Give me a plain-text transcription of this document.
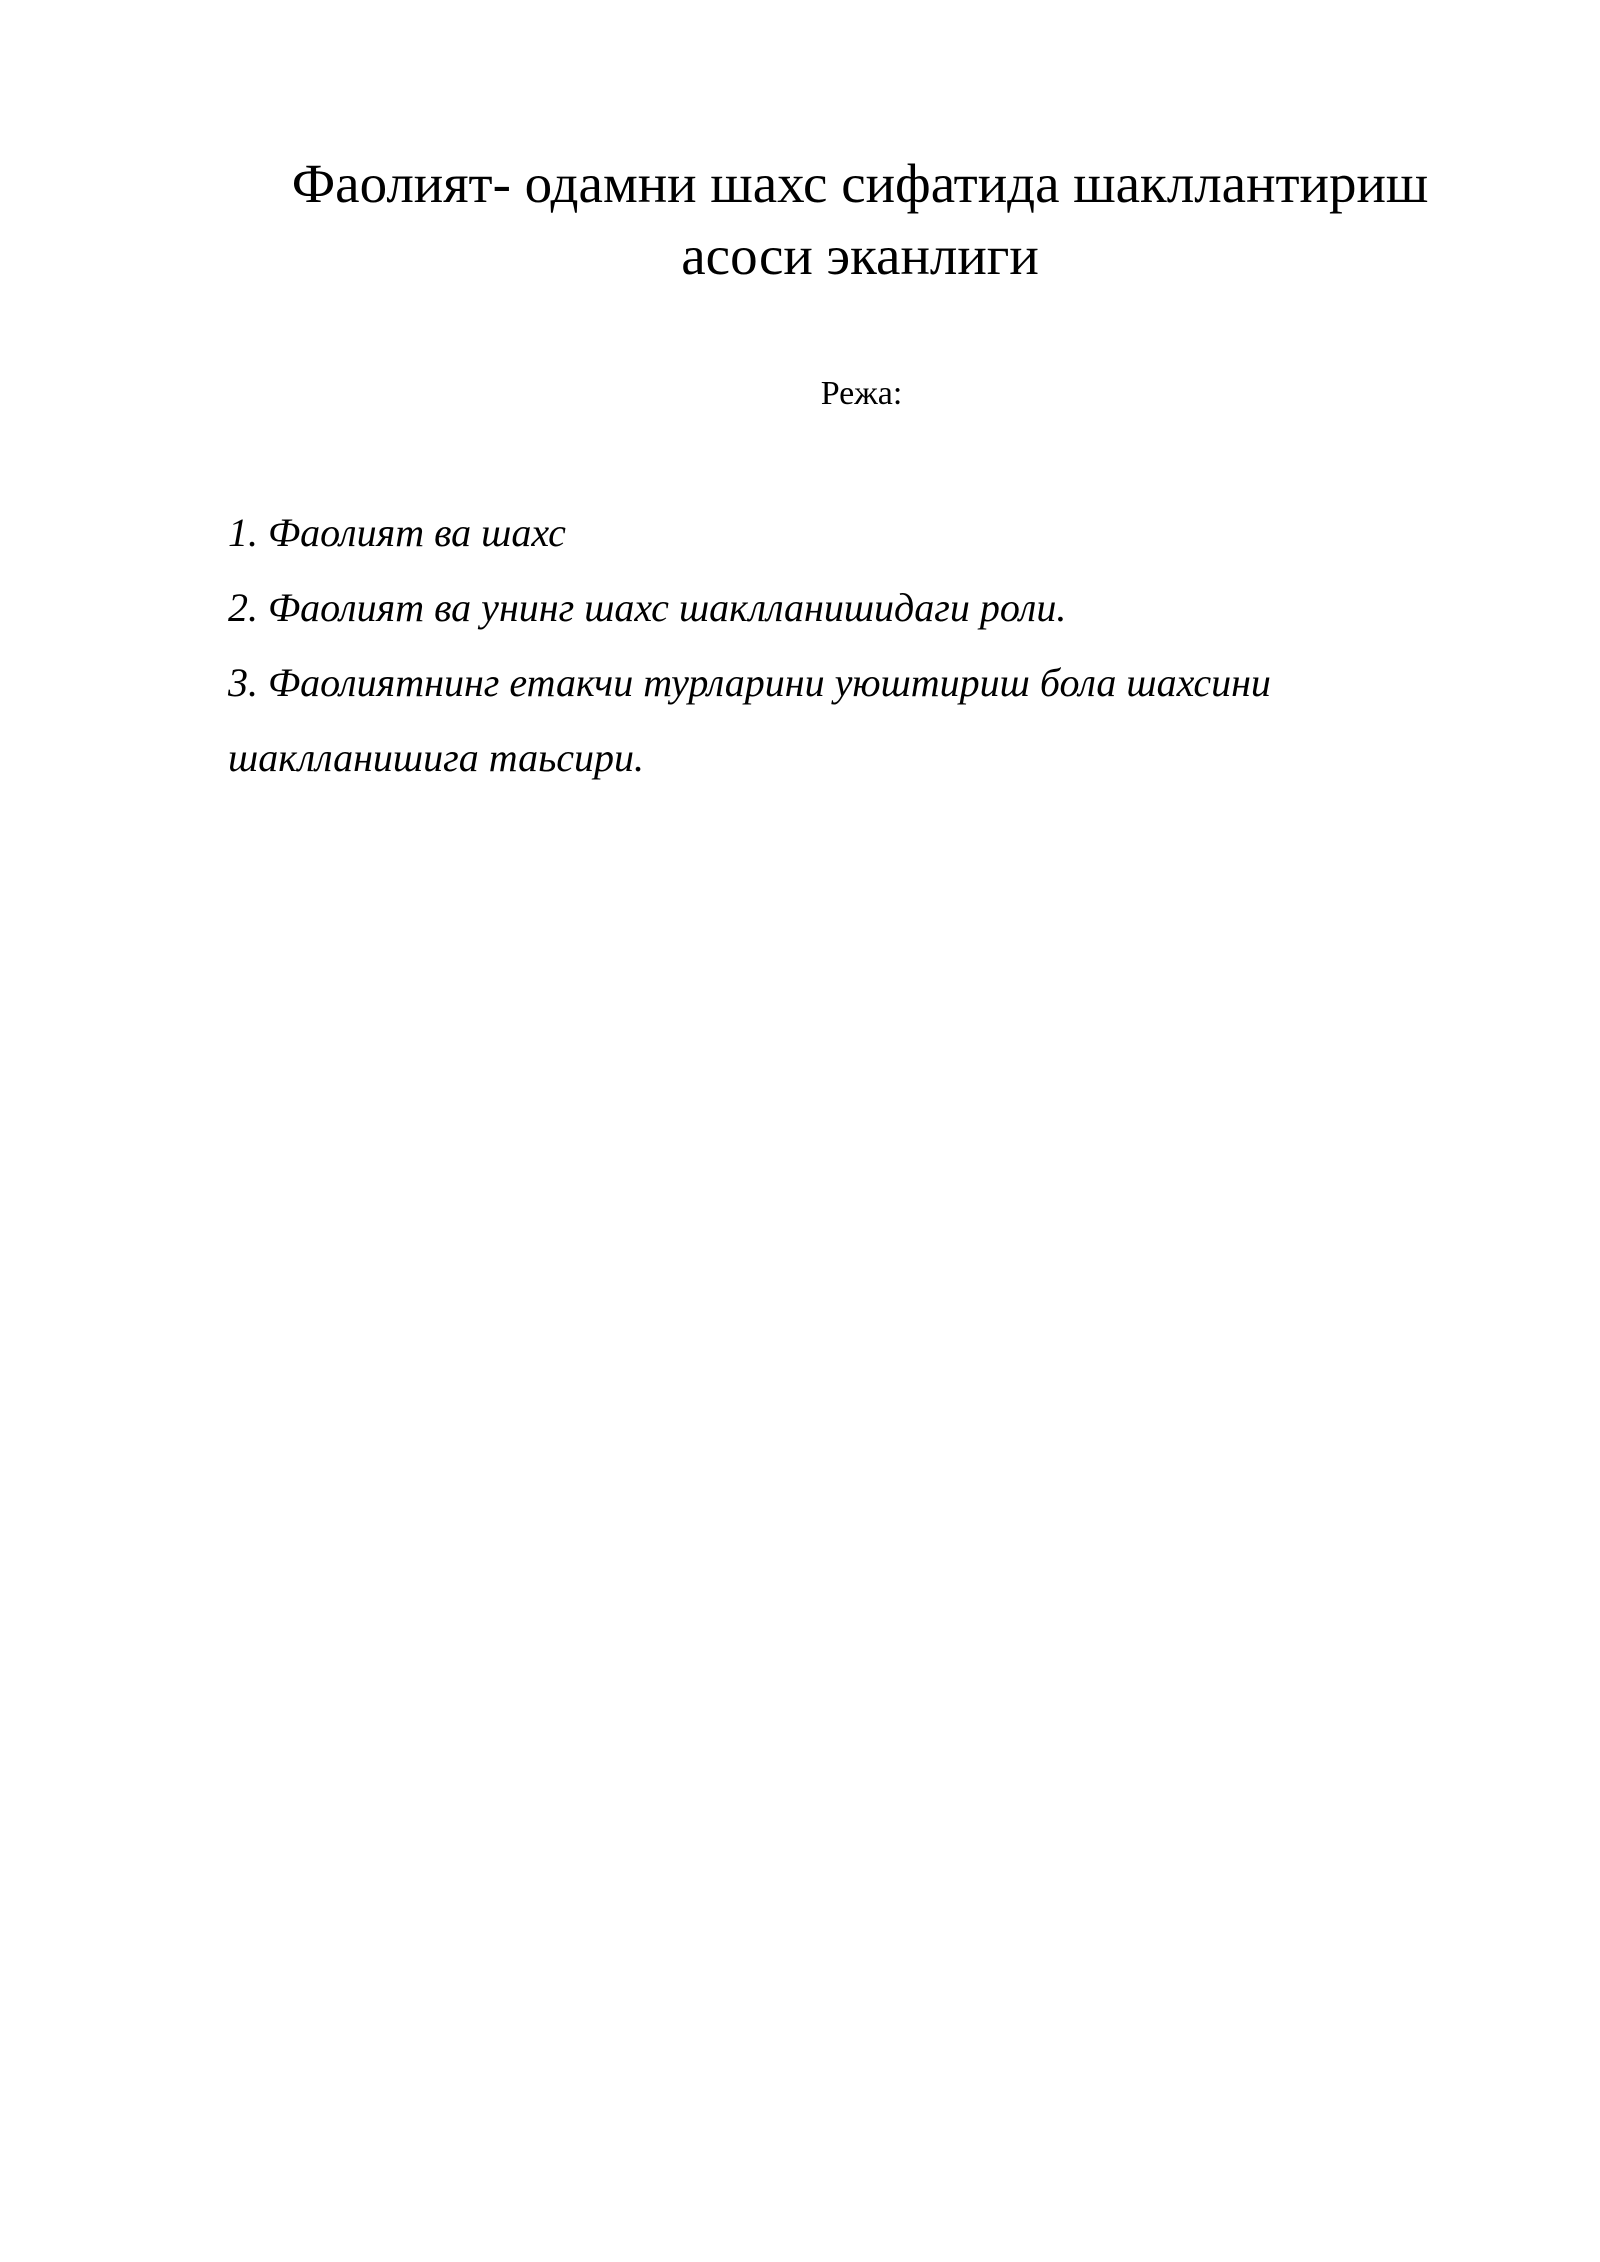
Фаолият- одамни шахс сифатида шакллантириш
асоси эканлиги

Режа:

1. Фаолият ва шахс
2. Фаолият ва унинг шахс шаклланишидаги роли.
3. Фаолиятнинг етакчи турларини уюштириш бола шахсини
шаклланишига таьсири.
